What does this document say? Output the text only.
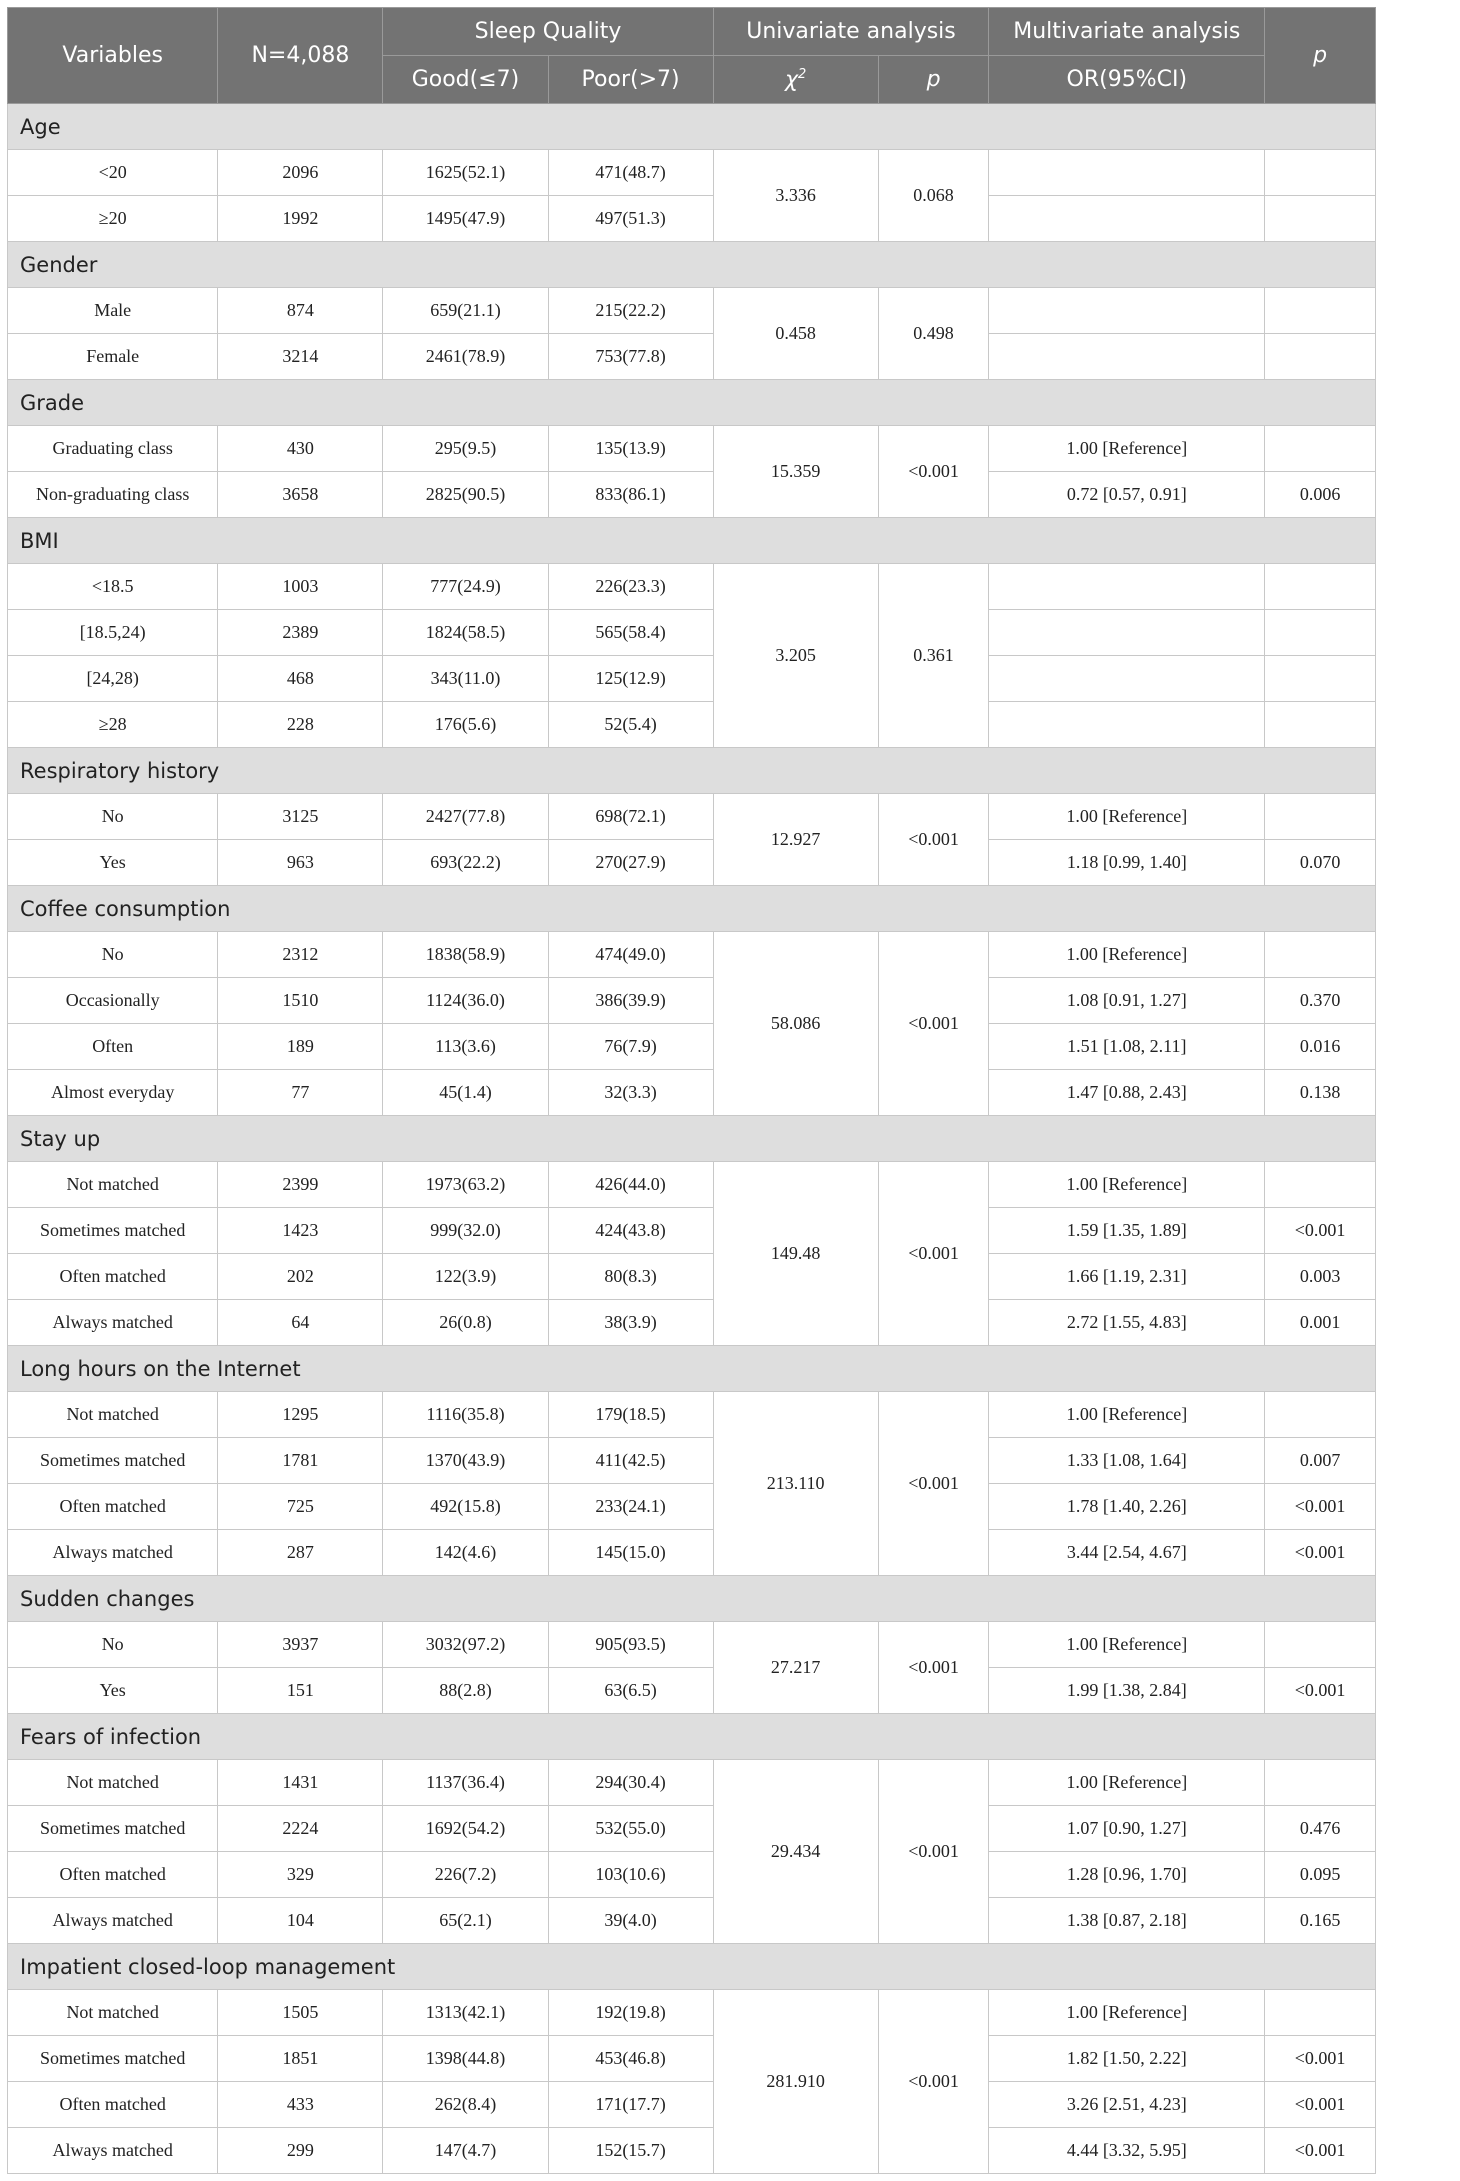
Variables	N=4,088	Sleep Quality		Univariate analysis		Multivariate analysis	p
		Good(≤7)	Poor(>7)	$\chi^2$	p	OR(95%CI)	
Age							
<20	2096	1625(52.1)	471(48.7)	3.336	0.068		
≥20	1992	1495(47.9)	497(51.3)				
Gender							
Male	874	659(21.1)	215(22.2)	0.458	0.498		
Female	3214	2461(78.9)	753(77.8)				
Grade							
Graduating class	430	295(9.5)	135(13.9)	15.359	<0.001	1.00 [Reference]	
Non-graduating class	3658	2825(90.5)	833(86.1)			0.72 [0.57, 0.91]	0.006
BMI							
<18.5	1003	777(24.9)	226(23.3)	3.205	0.361		
[18.5,24)	2389	1824(58.5)	565(58.4)				
[24,28)	468	343(11.0)	125(12.9)				
≥28	228	176(5.6)	52(5.4)				
Respiratory history							
No	3125	2427(77.8)	698(72.1)	12.927	<0.001	1.00 [Reference]	
Yes	963	693(22.2)	270(27.9)			1.18 [0.99, 1.40]	0.070
Coffee consumption							
No	2312	1838(58.9)	474(49.0)	58.086	<0.001	1.00 [Reference]	
Occasionally	1510	1124(36.0)	386(39.9)			1.08 [0.91, 1.27]	0.370
Often	189	113(3.6)	76(7.9)			1.51 [1.08, 2.11]	0.016
Almost everyday	77	45(1.4)	32(3.3)			1.47 [0.88, 2.43]	0.138
Stay up							
Not matched	2399	1973(63.2)	426(44.0)	149.48	<0.001	1.00 [Reference]	
Sometimes matched	1423	999(32.0)	424(43.8)			1.59 [1.35, 1.89]	<0.001
Often matched	202	122(3.9)	80(8.3)			1.66 [1.19, 2.31]	0.003
Always matched	64	26(0.8)	38(3.9)			2.72 [1.55, 4.83]	0.001
Long hours on the Internet							
Not matched	1295	1116(35.8)	179(18.5)	213.110	<0.001	1.00 [Reference]	
Sometimes matched	1781	1370(43.9)	411(42.5)			1.33 [1.08, 1.64]	0.007
Often matched	725	492(15.8)	233(24.1)			1.78 [1.40, 2.26]	<0.001
Always matched	287	142(4.6)	145(15.0)			3.44 [2.54, 4.67]	<0.001
Sudden changes							
No	3937	3032(97.2)	905(93.5)	27.217	<0.001	1.00 [Reference]	
Yes	151	88(2.8)	63(6.5)			1.99 [1.38, 2.84]	<0.001
Fears of infection							
Not matched	1431	1137(36.4)	294(30.4)	29.434	<0.001	1.00 [Reference]	
Sometimes matched	2224	1692(54.2)	532(55.0)			1.07 [0.90, 1.27]	0.476
Often matched	329	226(7.2)	103(10.6)			1.28 [0.96, 1.70]	0.095
Always matched	104	65(2.1)	39(4.0)			1.38 [0.87, 2.18]	0.165
Impatient closed-loop management							
Not matched	1505	1313(42.1)	192(19.8)	281.910	<0.001	1.00 [Reference]	
Sometimes matched	1851	1398(44.8)	453(46.8)			1.82 [1.50, 2.22]	<0.001
Often matched	433	262(8.4)	171(17.7)			3.26 [2.51, 4.23]	<0.001
Always matched	299	147(4.7)	152(15.7)			4.44 [3.32, 5.95]	<0.001
